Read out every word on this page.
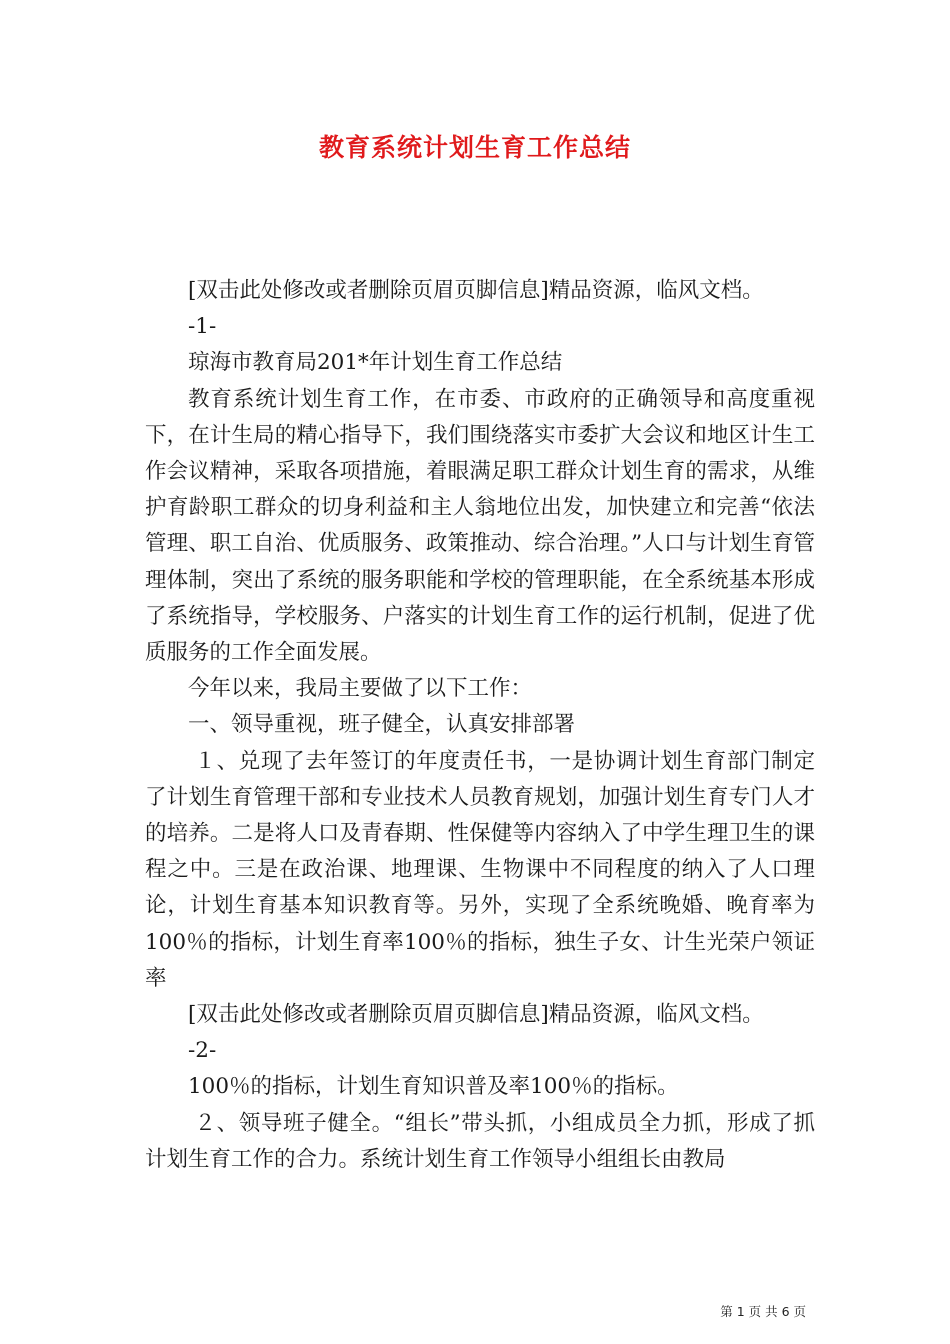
教育系统计划生育工作总结

[双击此处修改或者删除页眉页脚信息]精品资源，临风文档。

-1-

琼海市教育局201*年计划生育工作总结

教育系统计划生育工作，在市委、市政府的正确领导和高度重视下，在计生局的精心指导下，我们围绕落实市委扩大会议和地区计生工作会议精神，采取各项措施，着眼满足职工群众计划生育的需求，从维护育龄职工群众的切身利益和主人翁地位出发，加快建立和完善“依法管理、职工自治、优质服务、政策推动、综合治理。”人口与计划生育管理体制，突出了系统的服务职能和学校的管理职能，在全系统基本形成了系统指导，学校服务、户落实的计划生育工作的运行机制，促进了优质服务的工作全面发展。

今年以来，我局主要做了以下工作：

一、领导重视，班子健全，认真安排部署

１、兑现了去年签订的年度责任书，一是协调计划生育部门制定了计划生育管理干部和专业技术人员教育规划，加强计划生育专门人才的培养。二是将人口及青春期、性保健等内容纳入了中学生理卫生的课程之中。三是在政治课、地理课、生物课中不同程度的纳入了人口理论，计划生育基本知识教育等。另外，实现了全系统晚婚、晚育率为100％的指标，计划生育率100％的指标，独生子女、计生光荣户领证率

[双击此处修改或者删除页眉页脚信息]精品资源，临风文档。

-2-

100％的指标，计划生育知识普及率100％的指标。

２、领导班子健全。“组长”带头抓，小组成员全力抓，形成了抓计划生育工作的合力。系统计划生育工作领导小组组长由教局

第 1 页 共 6 页
